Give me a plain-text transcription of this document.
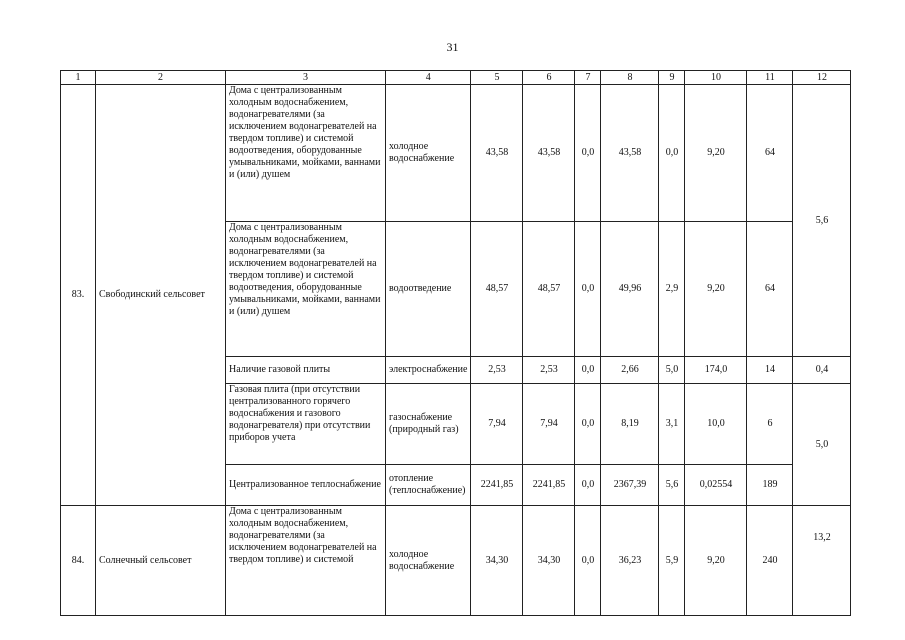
31
1	2	3	4	5	6	7	8	9	10	11	12
83.	Свободинский сельсовет	Дома с централизованным холодным водоснабжением, водонагревателями (за исключением водонагревателей на твердом топливе) и системой водоотведения, оборудованные умывальниками, мойками, ваннами и (или) душем	холодное водоснабжение	43,58	43,58	0,0	43,58	0,0	9,20	64	5,6
		Дома с централизованным холодным водоснабжением, водонагревателями (за исключением водонагревателей на твердом топливе) и системой водоотведения, оборудованные умывальниками, мойками, ваннами и (или) душем	водоотведение	48,57	48,57	0,0	49,96	2,9	9,20	64	
		Наличие газовой плиты	электроснабжение	2,53	2,53	0,0	2,66	5,0	174,0	14	0,4
		Газовая плита (при отсутствии централизованного горячего водоснабжения и газового водонагревателя) при отсутствии приборов учета	газоснабжение (природный газ)	7,94	7,94	0,0	8,19	3,1	10,0	6	5,0
		Централизованное теплоснабжение	отопление (теплоснабжение)	2241,85	2241,85	0,0	2367,39	5,6	0,02554	189	
84.	Солнечный сельсовет	Дома с централизованным холодным водоснабжением, водонагревателями (за исключением водонагревателей на твердом топливе) и системой	холодное водоснабжение	34,30	34,30	0,0	36,23	5,9	9,20	240	13,2
